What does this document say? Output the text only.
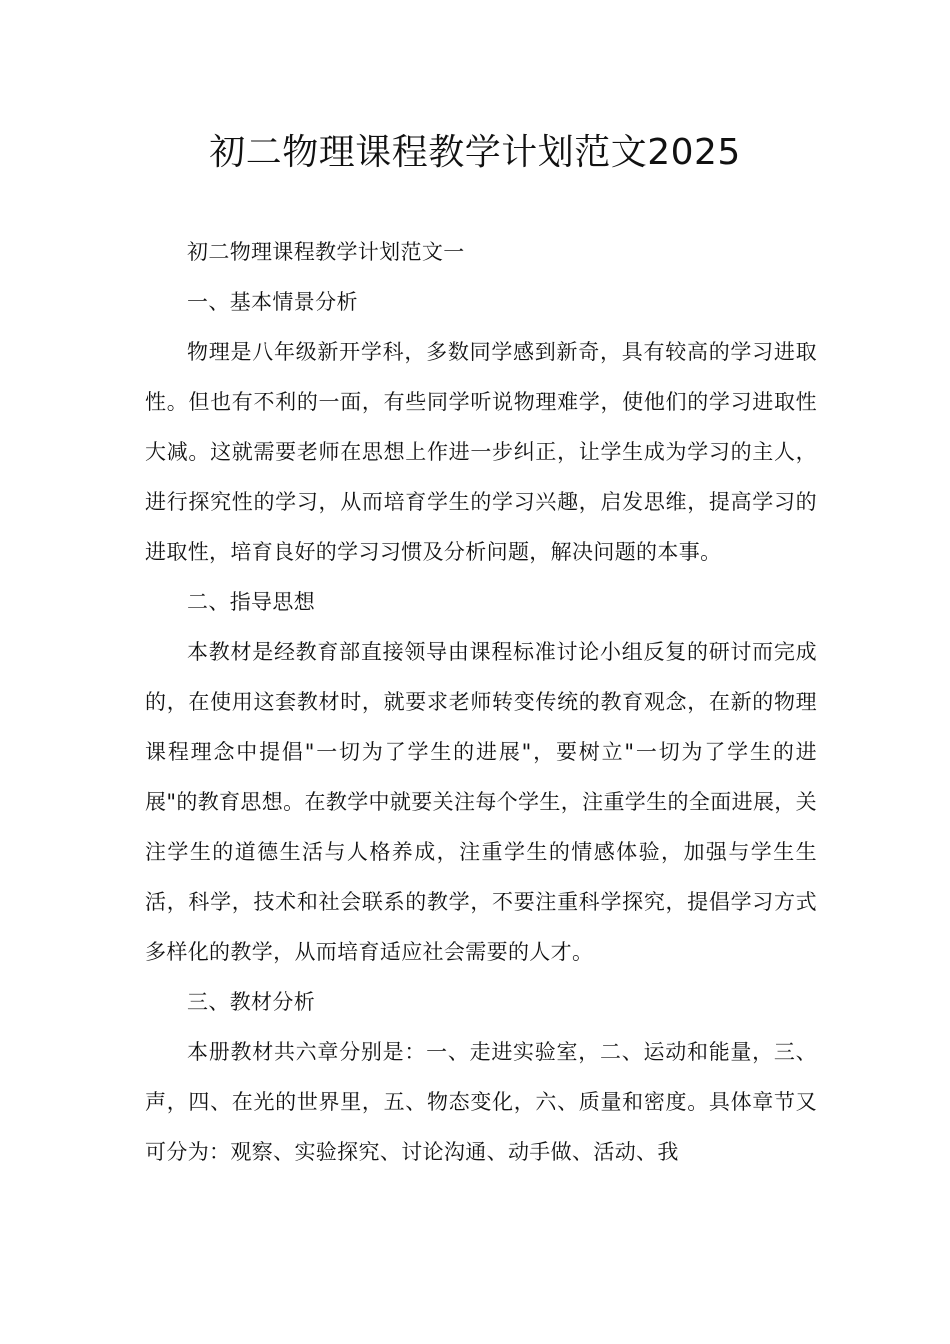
初二物理课程教学计划范文2025

初二物理课程教学计划范文一

一、基本情景分析

物理是八年级新开学科，多数同学感到新奇，具有较高的学习进取性。但也有不利的一面，有些同学听说物理难学，使他们的学习进取性大减。这就需要老师在思想上作进一步纠正，让学生成为学习的主人，进行探究性的学习，从而培育学生的学习兴趣，启发思维，提高学习的进取性，培育良好的学习习惯及分析问题，解决问题的本事。

二、指导思想

本教材是经教育部直接领导由课程标准讨论小组反复的研讨而完成的，在使用这套教材时，就要求老师转变传统的教育观念，在新的物理课程理念中提倡"一切为了学生的进展"，要树立"一切为了学生的进展"的教育思想。在教学中就要关注每个学生，注重学生的全面进展，关注学生的道德生活与人格养成，注重学生的情感体验，加强与学生生活，科学，技术和社会联系的教学，不要注重科学探究，提倡学习方式多样化的教学，从而培育适应社会需要的人才。

三、教材分析

本册教材共六章分别是：一、走进实验室，二、运动和能量，三、声，四、在光的世界里，五、物态变化，六、质量和密度。具体章节又可分为：观察、实验探究、讨论沟通、动手做、活动、我
